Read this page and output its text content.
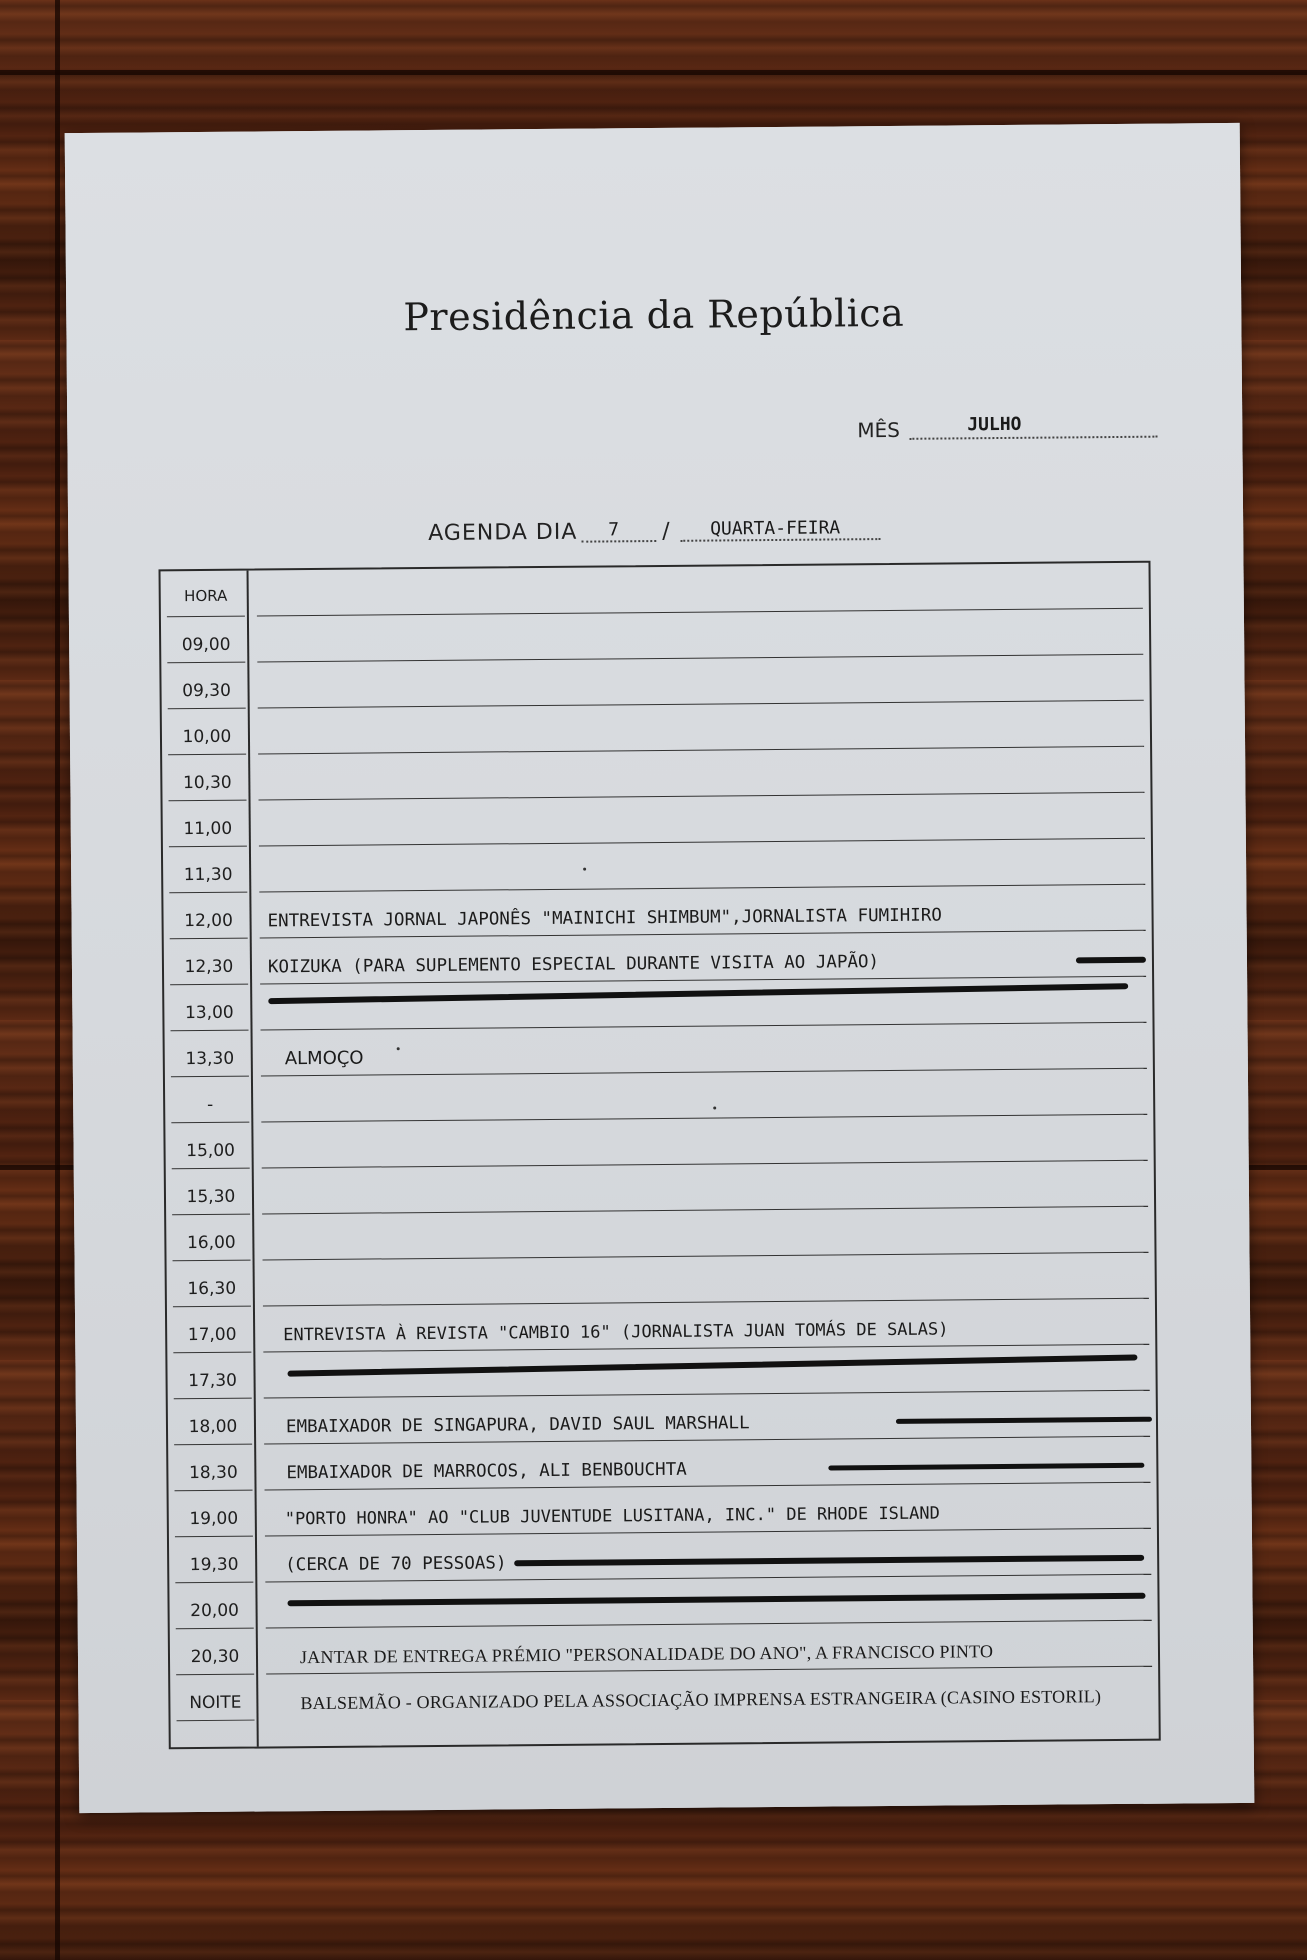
Presidência da República
MÊS	JULHO
AGENDA DIA 7 / QUARTA-FEIRA
HORA
09,00
09,30
10,00
10,30
11,00
11,30
12,00	ENTREVISTA JORNAL JAPONÊS "MAINICHI SHIMBUM",JORNALISTA FUMIHIRO
12,30	KOIZUKA (PARA SUPLEMENTO ESPECIAL DURANTE VISITA AO JAPÃO)
13,00
13,30	ALMOÇO
-
15,00
15,30
16,00
16,30
17,00	ENTREVISTA À REVISTA "CAMBIO 16" (JORNALISTA JUAN TOMÁS DE SALAS)
17,30
18,00	EMBAIXADOR DE SINGAPURA, DAVID SAUL MARSHALL
18,30	EMBAIXADOR DE MARROCOS, ALI BENBOUCHTA
19,00	"PORTO HONRA" AO "CLUB JUVENTUDE LUSITANA, INC." DE RHODE ISLAND
19,30	(CERCA DE 70 PESSOAS)
20,00
20,30	JANTAR DE ENTREGA PRÉMIO "PERSONALIDADE DO ANO", A FRANCISCO PINTO
NOITE	BALSEMÃO - ORGANIZADO PELA ASSOCIAÇÃO IMPRENSA ESTRANGEIRA (CASINO ESTORIL)
